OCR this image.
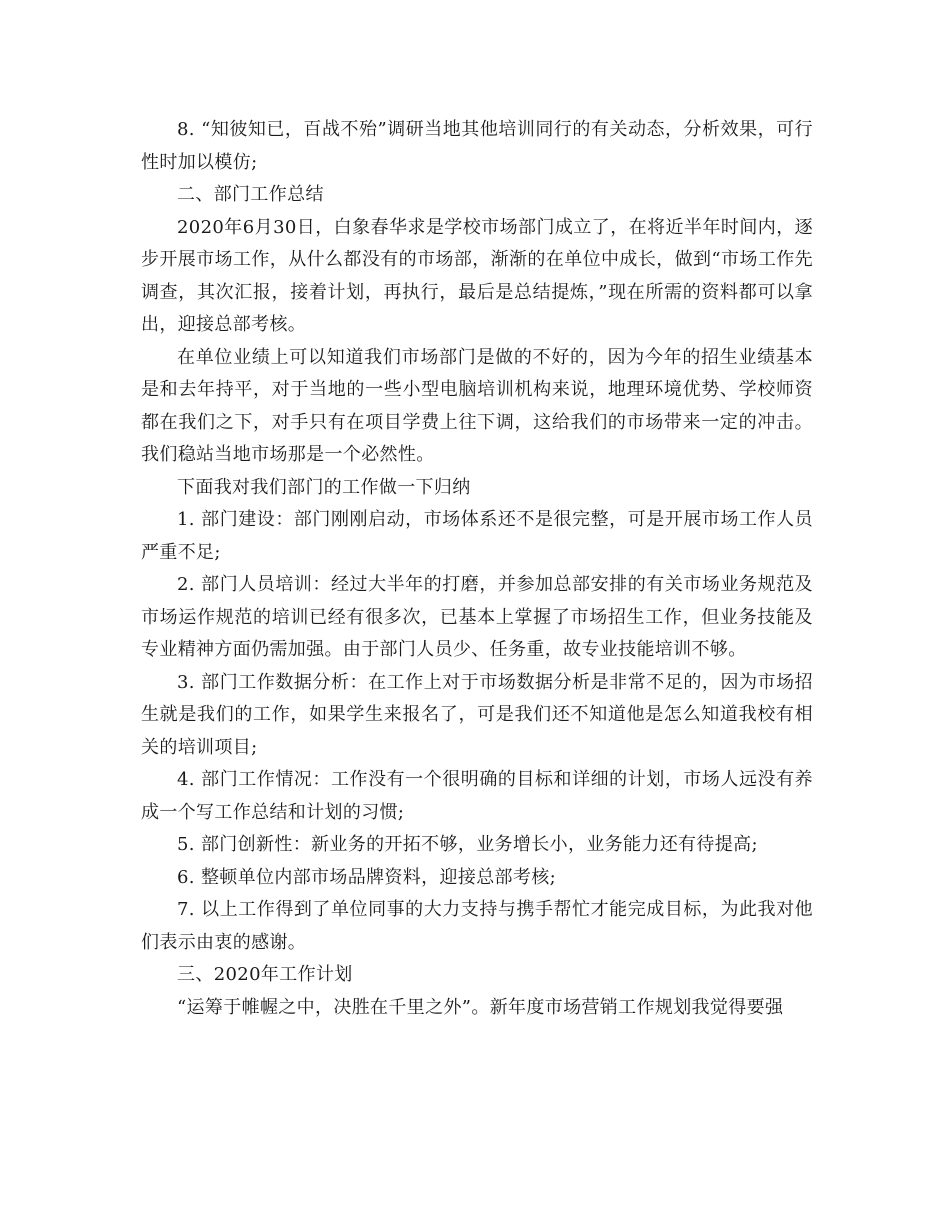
8. “知彼知已，百战不殆”调研当地其他培训同行的有关动态，分析效果，可行性时加以模仿;

二、部门工作总结

2020年6月30日，白象春华求是学校市场部门成立了，在将近半年时间内，逐步开展市场工作，从什么都没有的市场部，渐渐的在单位中成长，做到“市场工作先调查，其次汇报，接着计划，再执行，最后是总结提炼，”现在所需的资料都可以拿出，迎接总部考核。

在单位业绩上可以知道我们市场部门是做的不好的，因为今年的招生业绩基本是和去年持平，对于当地的一些小型电脑培训机构来说，地理环境优势、学校师资都在我们之下，对手只有在项目学费上往下调，这给我们的市场带来一定的冲击。我们稳站当地市场那是一个必然性。

下面我对我们部门的工作做一下归纳

1. 部门建设：部门刚刚启动，市场体系还不是很完整，可是开展市场工作人员严重不足;

2. 部门人员培训：经过大半年的打磨，并参加总部安排的有关市场业务规范及市场运作规范的培训已经有很多次，已基本上掌握了市场招生工作，但业务技能及专业精神方面仍需加强。由于部门人员少、任务重，故专业技能培训不够。

3. 部门工作数据分析：在工作上对于市场数据分析是非常不足的，因为市场招生就是我们的工作，如果学生来报名了，可是我们还不知道他是怎么知道我校有相关的培训项目;

4. 部门工作情况：工作没有一个很明确的目标和详细的计划，市场人远没有养成一个写工作总结和计划的习惯;

5. 部门创新性：新业务的开拓不够，业务增长小，业务能力还有待提高;

6. 整顿单位内部市场品牌资料，迎接总部考核;

7. 以上工作得到了单位同事的大力支持与携手帮忙才能完成目标，为此我对他们表示由衷的感谢。

三、2020年工作计划

“运筹于帷幄之中，决胜在千里之外”。新年度市场营销工作规划我觉得要强
